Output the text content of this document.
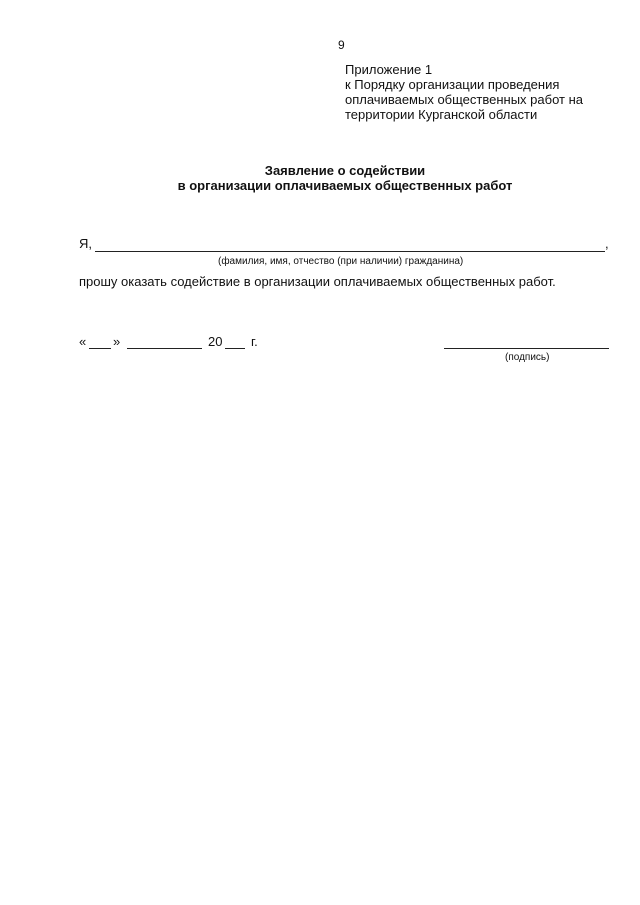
9
Приложение 1
к Порядку организации проведения
оплачиваемых общественных работ на
территории Курганской области
Заявление о содействии
в организации оплачиваемых общественных работ
Я,	,
(фамилия, имя, отчество (при наличии) гражданина)
прошу оказать содействие в организации оплачиваемых общественных работ.
« »	20 г.
(подпись)
